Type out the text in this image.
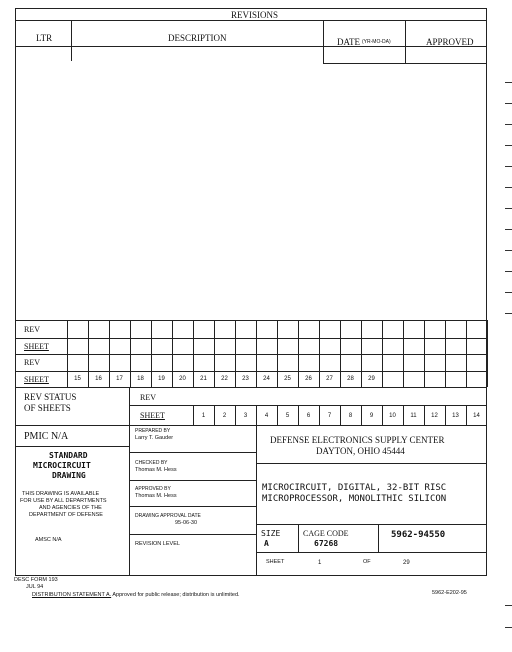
REVISIONS
LTR	DESCRIPTION	DATE (YR-MO-DA)	APPROVED
REV
SHEET
REV
SHEET	15	16	17	18	19	20	21	22	23	24	25	26	27	28	29
REV STATUS
OF SHEETS
REV
SHEET	1	2	3	4	5	6	7	8	9	10	11	12	13	14
PMIC N/A
STANDARD
MICROCIRCUIT
DRAWING
THIS DRAWING IS AVAILABLE
FOR USE BY ALL DEPARTMENTS
AND AGENCIES OF THE
DEPARTMENT OF DEFENSE
AMSC N/A
PREPARED BY
Larry T. Gauder
CHECKED BY
Thomas M. Hess
APPROVED BY
Thomas M. Hess
DRAWING APPROVAL DATE
95-06-30
REVISION LEVEL
DEFENSE ELECTRONICS SUPPLY CENTER
DAYTON, OHIO 45444
MICROCIRCUIT, DIGITAL, 32-BIT RISC
MICROPROCESSOR, MONOLITHIC SILICON
SIZE
A
CAGE CODE
67268
5962-94550
SHEET	1	OF	29
DESC FORM 193
JUL 94
DISTRIBUTION STATEMENT A. Approved for public release; distribution is unlimited.	5962-E202-95
